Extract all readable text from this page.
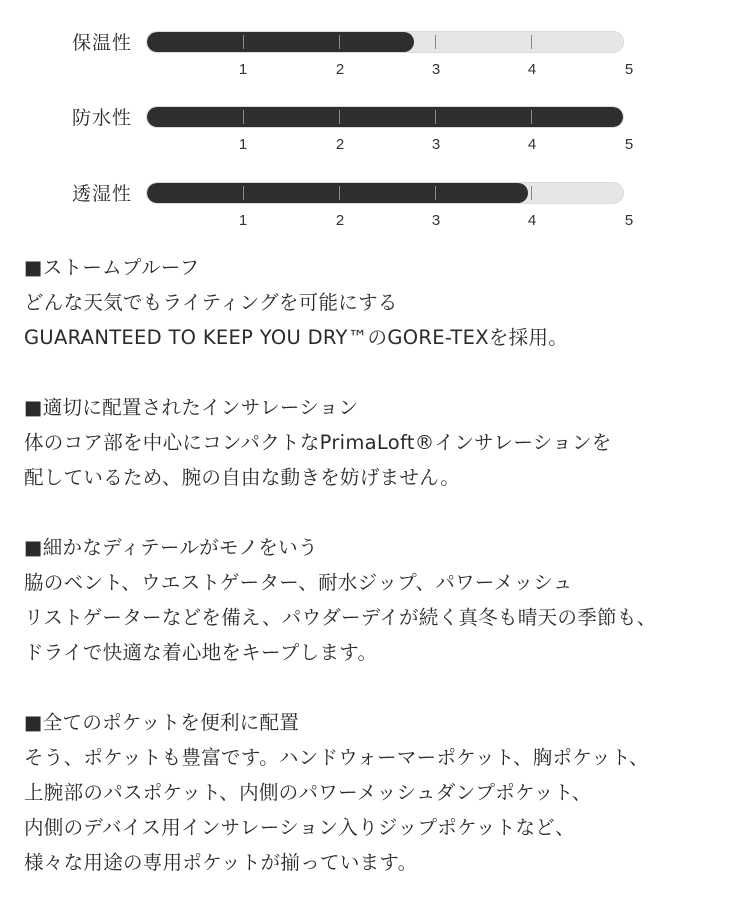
保温性
1	2	3	4	5
防水性
1	2	3	4	5
透湿性
1	2	3	4	5
■ストームプルーフ
どんな天気でもライティングを可能にする
GUARANTEED TO KEEP YOU DRY™のGORE-TEXを採用。
■適切に配置されたインサレーション
体のコア部を中心にコンパクトなPrimaLoft®インサレーションを
配しているため、腕の自由な動きを妨げません。
■細かなディテールがモノをいう
脇のベント、ウエストゲーター、耐水ジップ、パワーメッシュ
リストゲーターなどを備え、パウダーデイが続く真冬も晴天の季節も、
ドライで快適な着心地をキープします。
■全てのポケットを便利に配置
そう、ポケットも豊富です。ハンドウォーマーポケット、胸ポケット、
上腕部のパスポケット、内側のパワーメッシュダンプポケット、
内側のデバイス用インサレーション入りジップポケットなど、
様々な用途の専用ポケットが揃っています。
